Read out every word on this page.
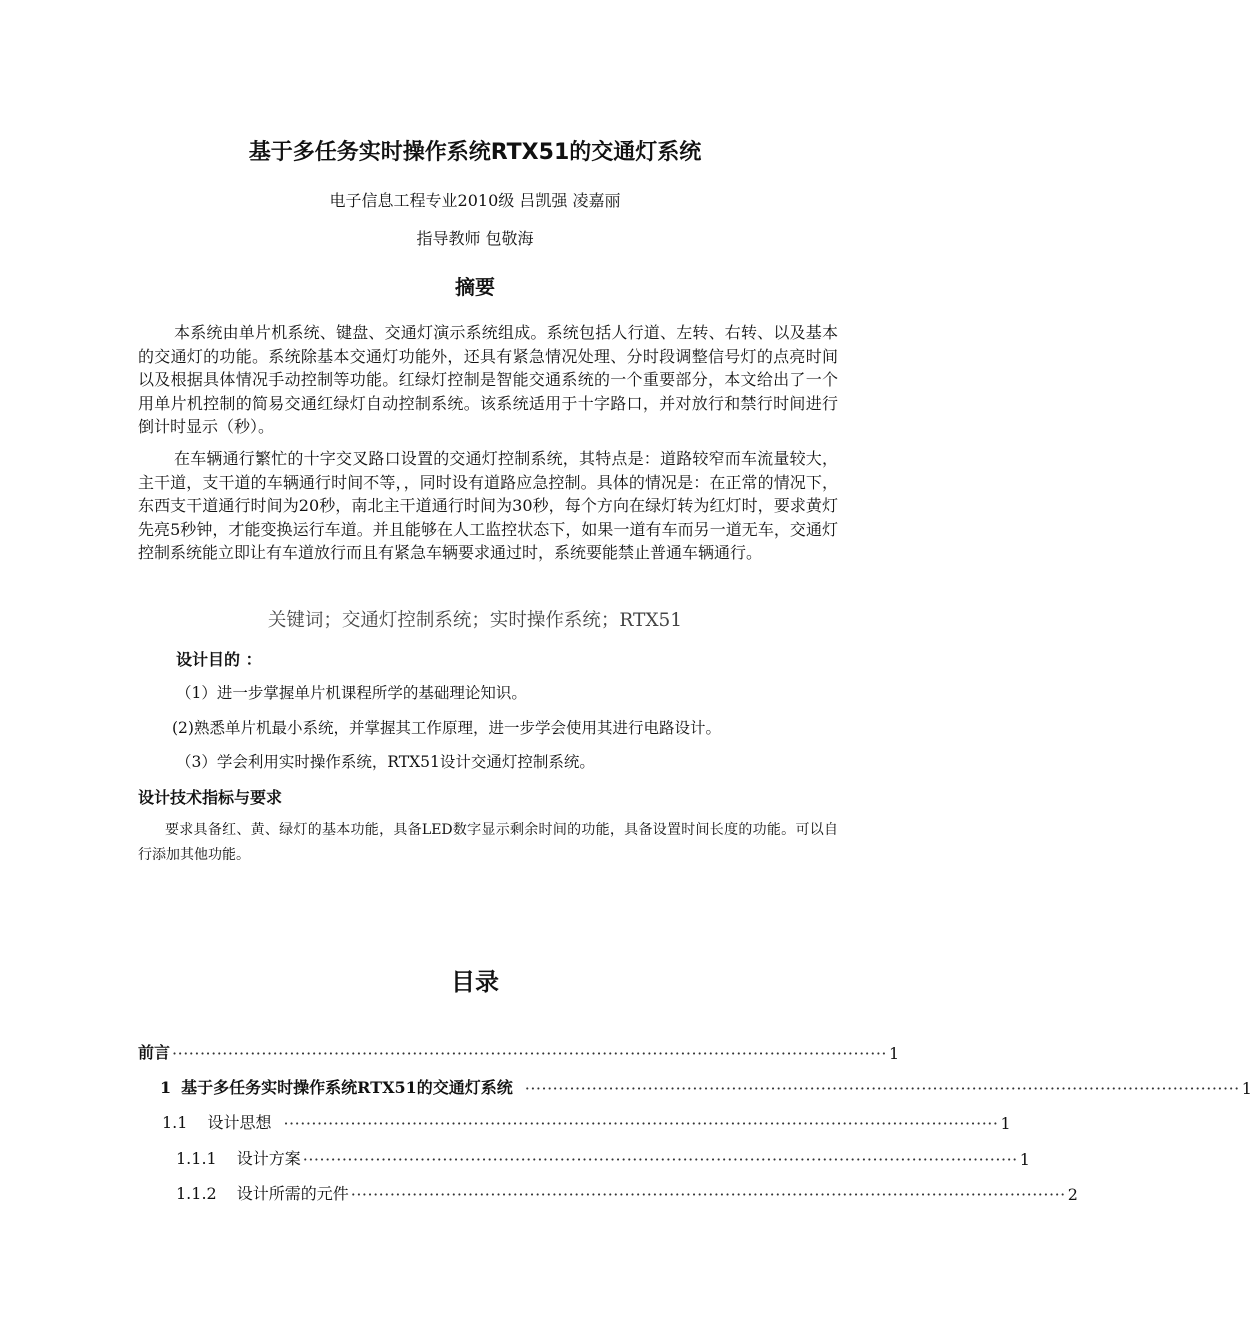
基于多任务实时操作系统RTX51的交通灯系统
电子信息工程专业2010级 吕凯强 凌嘉丽
指导教师 包敬海
摘要

本系统由单片机系统、键盘、交通灯演示系统组成。系统包括人行道、左转、右转、以及基本的交通灯的功能。系统除基本交通灯功能外，还具有紧急情况处理、分时段调整信号灯的点亮时间以及根据具体情况手动控制等功能。红绿灯控制是智能交通系统的一个重要部分，本文给出了一个用单片机控制的简易交通红绿灯自动控制系统。该系统适用于十字路口，并对放行和禁行时间进行倒计时显示（秒）。

在车辆通行繁忙的十字交叉路口设置的交通灯控制系统，其特点是：道路较窄而车流量较大，主干道，支干道的车辆通行时间不等，，同时设有道路应急控制。具体的情况是：在正常的情况下，东西支干道通行时间为20秒，南北主干道通行时间为30秒，每个方向在绿灯转为红灯时，要求黄灯先亮5秒钟，才能变换运行车道。并且能够在人工监控状态下，如果一道有车而另一道无车，交通灯控制系统能立即让有车道放行而且有紧急车辆要求通过时，系统要能禁止普通车辆通行。

关键词；交通灯控制系统；实时操作系统；RTX51
设计目的 ：
（1）进一步掌握单片机课程所学的基础理论知识。
(2)熟悉单片机最小系统，并掌握其工作原理，进一步学会使用其进行电路设计。
（3）学会利用实时操作系统，RTX51设计交通灯控制系统。
设计技术指标与要求

要求具备红、黄、绿灯的基本功能，具备LED数字显示剩余时间的功能，具备设置时间长度的功能。可以自行添加其他功能。

目录
前言 ································································································································ 1
1 基于多任务实时操作系统RTX51的交通灯系统 ································································································································ 1
1.1 设计思想 ································································································································ 1
1.1.1 设计方案 ································································································································ 1
1.1.2 设计所需的元件 ································································································································ 2
